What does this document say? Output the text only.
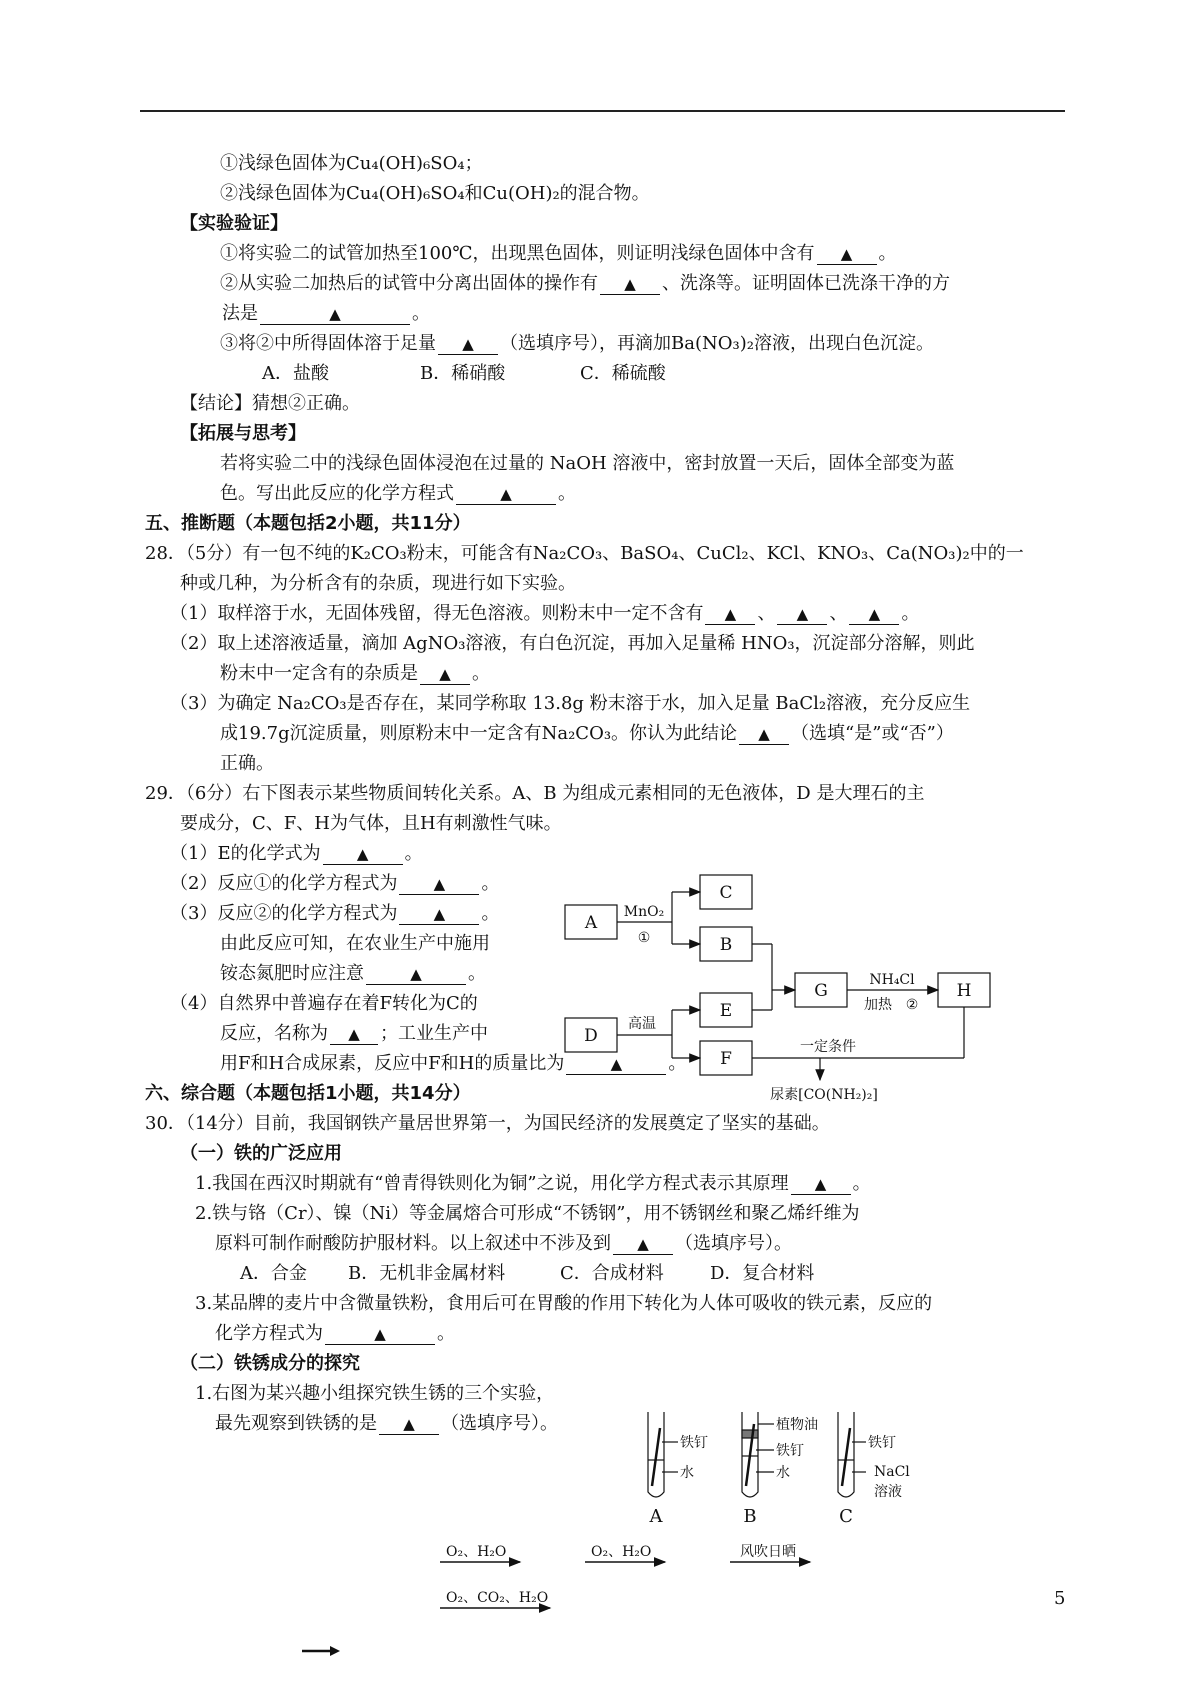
①浅绿色固体为Cu₄(OH)₆SO₄；
②浅绿色固体为Cu₄(OH)₆SO₄和Cu(OH)₂的混合物。
【实验验证】
①将实验二的试管加热至100℃，出现黑色固体，则证明浅绿色固体中含有 ▲ 。
②从实验二加热后的试管中分离出固体的操作有 ▲ 、洗涤等。证明固体已洗涤干净的方
法是	▲	。
③将②中所得固体溶于足量 ▲ （选填序号），再滴加Ba(NO₃)₂溶液，出现白色沉淀。
A．盐酸	B．稀硝酸	C．稀硫酸
【结论】猜想②正确。
【拓展与思考】
若将实验二中的浅绿色固体浸泡在过量的 NaOH 溶液中，密封放置一天后，固体全部变为蓝
色。写出此反应的化学方程式	▲	。
五、推断题（本题包括2小题，共11分）
28．（5分）有一包不纯的K₂CO₃粉末，可能含有Na₂CO₃、BaSO₄、CuCl₂、KCl、KNO₃、Ca(NO₃)₂中的一
种或几种，为分析含有的杂质，现进行如下实验。
（1）取样溶于水，无固体残留，得无色溶液。则粉末中一定不含有 ▲ 、 ▲ 、 ▲ 。
（2）取上述溶液适量，滴加 AgNO₃溶液，有白色沉淀，再加入足量稀 HNO₃，沉淀部分溶解，则此
粉末中一定含有的杂质是 ▲ 。
（3）为确定 Na₂CO₃是否存在，某同学称取 13.8g 粉末溶于水，加入足量 BaCl₂溶液，充分反应生
成19.7g沉淀质量，则原粉末中一定含有Na₂CO₃。你认为此结论 ▲ （选填“是”或“否”）
正确。
29．（6分）右下图表示某些物质间转化关系。A、B 为组成元素相同的无色液体，D 是大理石的主
要成分，C、F、H为气体，且H有刺激性气味。
（1）E的化学式为 ▲ 。
（2）反应①的化学方程式为 ▲ 。
（3）反应②的化学方程式为 ▲ 。
由此反应可知，在农业生产中施用
铵态氮肥时应注意	▲	。
（4）自然界中普遍存在着F转化为C的
反应，名称为 ▲ ；工业生产中
用F和H合成尿素，反应中F和H的质量比为	▲	。
A
B
C
D
E
F
G	H
MnO₂
①
高温
NH₄Cl
加热 ②
一定条件
尿素[CO(NH₂)₂]
六、综合题（本题包括1小题，共14分）
30．（14分）目前，我国钢铁产量居世界第一，为国民经济的发展奠定了坚实的基础。
（一）铁的广泛应用
1.我国在西汉时期就有“曾青得铁则化为铜”之说，用化学方程式表示其原理 ▲ 。
2.铁与铬（Cr）、镍（Ni）等金属熔合可形成“不锈钢”，用不锈钢丝和聚乙烯纤维为
原料可制作耐酸防护服材料。以上叙述中不涉及到 ▲ （选填序号）。
A．合金 B．无机非金属材料	C．合成材料	D．复合材料
3.某品牌的麦片中含微量铁粉，食用后可在胃酸的作用下转化为人体可吸收的铁元素，反应的
化学方程式为	▲	。
（二）铁锈成分的探究
1.右图为某兴趣小组探究铁生锈的三个实验，
最先观察到铁锈的是 ▲ （选填序号）。
铁钉
水
植物油
铁钉
水
铁钉
NaCl
溶液
A	B	C
O₂、H₂O	O₂、H₂O	风吹日晒
O₂、CO₂、H₂O	5
